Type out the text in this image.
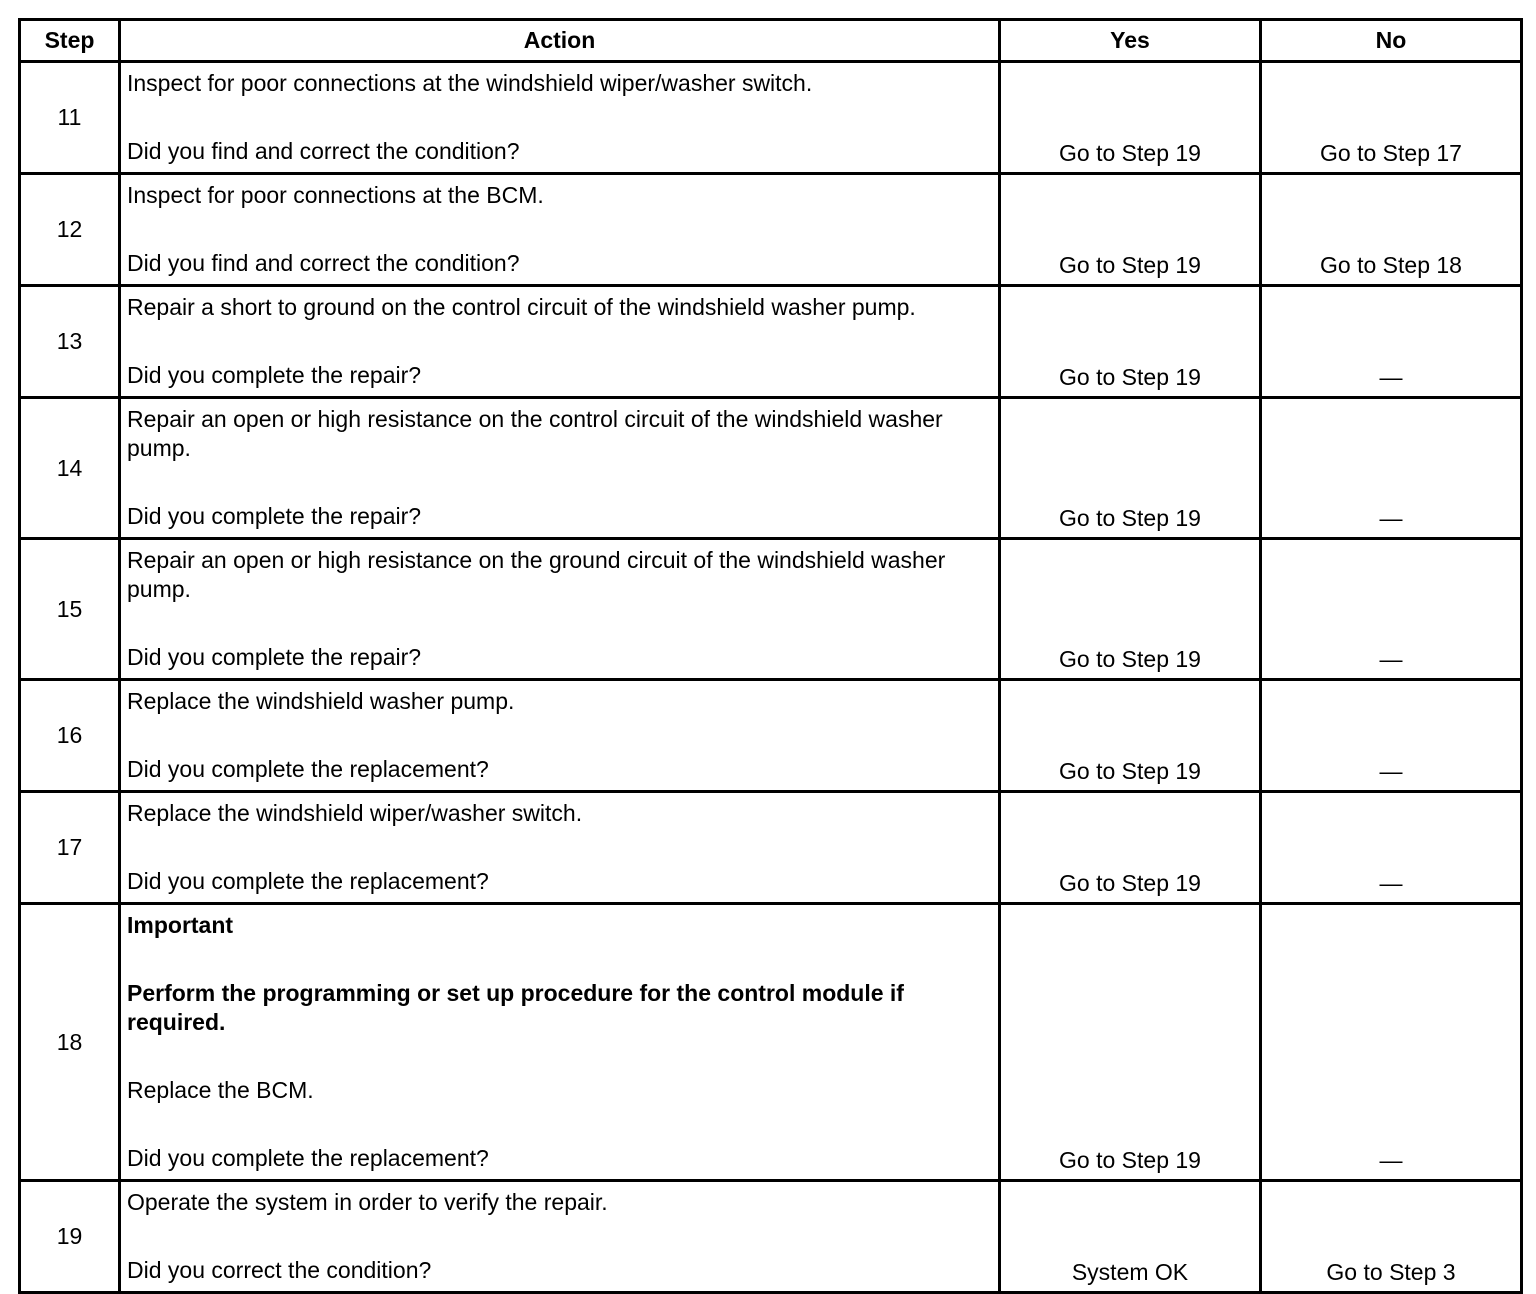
Step	Action	Yes	No
11	Inspect for poor connections at the windshield wiper/washer switch.

Did you find and correct the condition?	Go to Step 19	Go to Step 17
12	Inspect for poor connections at the BCM.

Did you find and correct the condition?	Go to Step 19	Go to Step 18
13	Repair a short to ground on the control circuit of the windshield washer pump.

Did you complete the repair?	Go to Step 19	—
14	Repair an open or high resistance on the control circuit of the windshield washer pump.

Did you complete the repair?	Go to Step 19	—
15	Repair an open or high resistance on the ground circuit of the windshield washer pump.

Did you complete the repair?	Go to Step 19	—
16	Replace the windshield washer pump.

Did you complete the replacement?	Go to Step 19	—
17	Replace the windshield wiper/washer switch.

Did you complete the replacement?	Go to Step 19	—
18	Important

Perform the programming or set up procedure for the control module if required.

Replace the BCM.

Did you complete the replacement?	Go to Step 19	—
19	Operate the system in order to verify the repair.

Did you correct the condition?	System OK	Go to Step 3
